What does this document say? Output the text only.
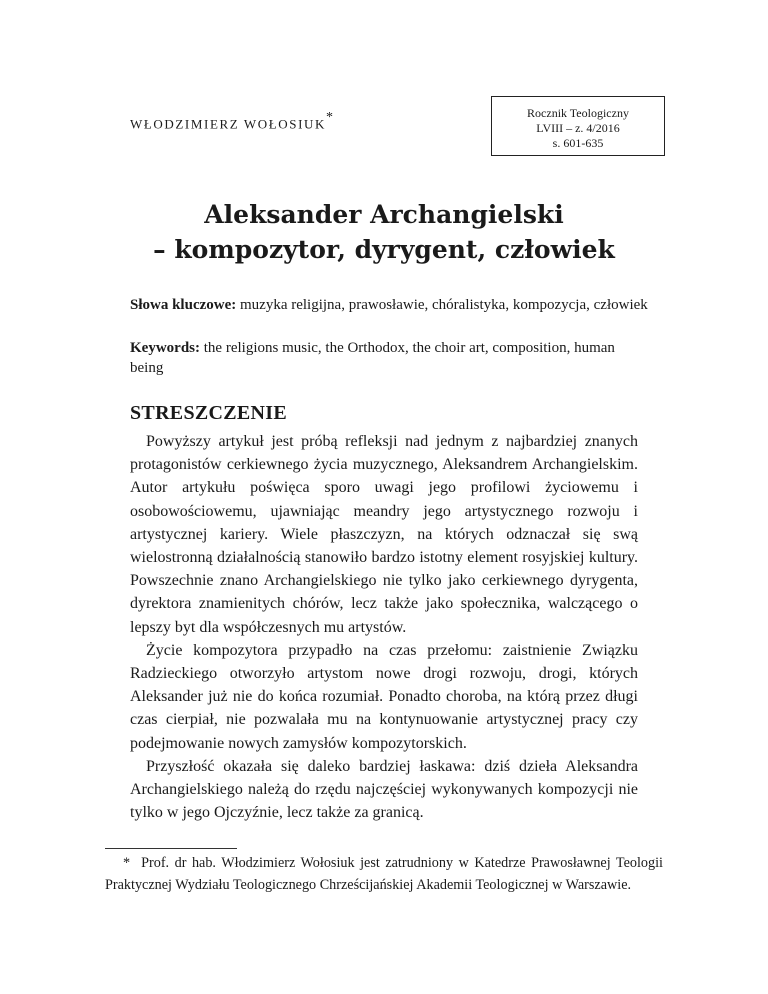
WŁODZIMIERZ WOŁOSIUK*	Rocznik Teologiczny
LVIII – z. 4/2016
s. 601-635
Aleksander Archangielski
– kompozytor, dyrygent, człowiek
Słowa kluczowe: muzyka religijna, prawosławie, chóralistyka, kompozycja, człowiek
Keywords: the religions music, the Orthodox, the choir art, composition, human being
STRESZCZENIE

Powyższy artykuł jest próbą refleksji nad jednym z najbardziej znanych protagonistów cerkiewnego życia muzycznego, Aleksandrem Archangielskim. Autor artykułu poświęca sporo uwagi jego profilowi życiowemu i osobowościowemu, ujawniając meandry jego artystycznego rozwoju i artystycznej kariery. Wiele płaszczyzn, na których odznaczał się swą wielostronną działalnością stanowiło bardzo istotny element rosyjskiej kultury. Powszechnie znano Archangielskiego nie tylko jako cerkiewnego dyrygenta, dyrektora znamienitych chórów, lecz także jako społecznika, walczącego o lepszy byt dla współczesnych mu artystów.

Życie kompozytora przypadło na czas przełomu: zaistnienie Związku Radzieckiego otworzyło artystom nowe drogi rozwoju, drogi, których Aleksander już nie do końca rozumiał. Ponadto choroba, na którą przez długi czas cierpiał, nie pozwalała mu na kontynuowanie artystycznej pracy czy podejmowanie nowych zamysłów kompozytorskich.

Przyszłość okazała się daleko bardziej łaskawa: dziś dzieła Aleksandra Archangielskiego należą do rzędu najczęściej wykonywanych kompozycji nie tylko w jego Ojczyźnie, lecz także za granicą.

* Prof. dr hab. Włodzimierz Wołosiuk jest zatrudniony w Katedrze Prawosławnej Teologii Praktycznej Wydziału Teologicznego Chrześcijańskiej Akademii Teologicznej w Warszawie.
